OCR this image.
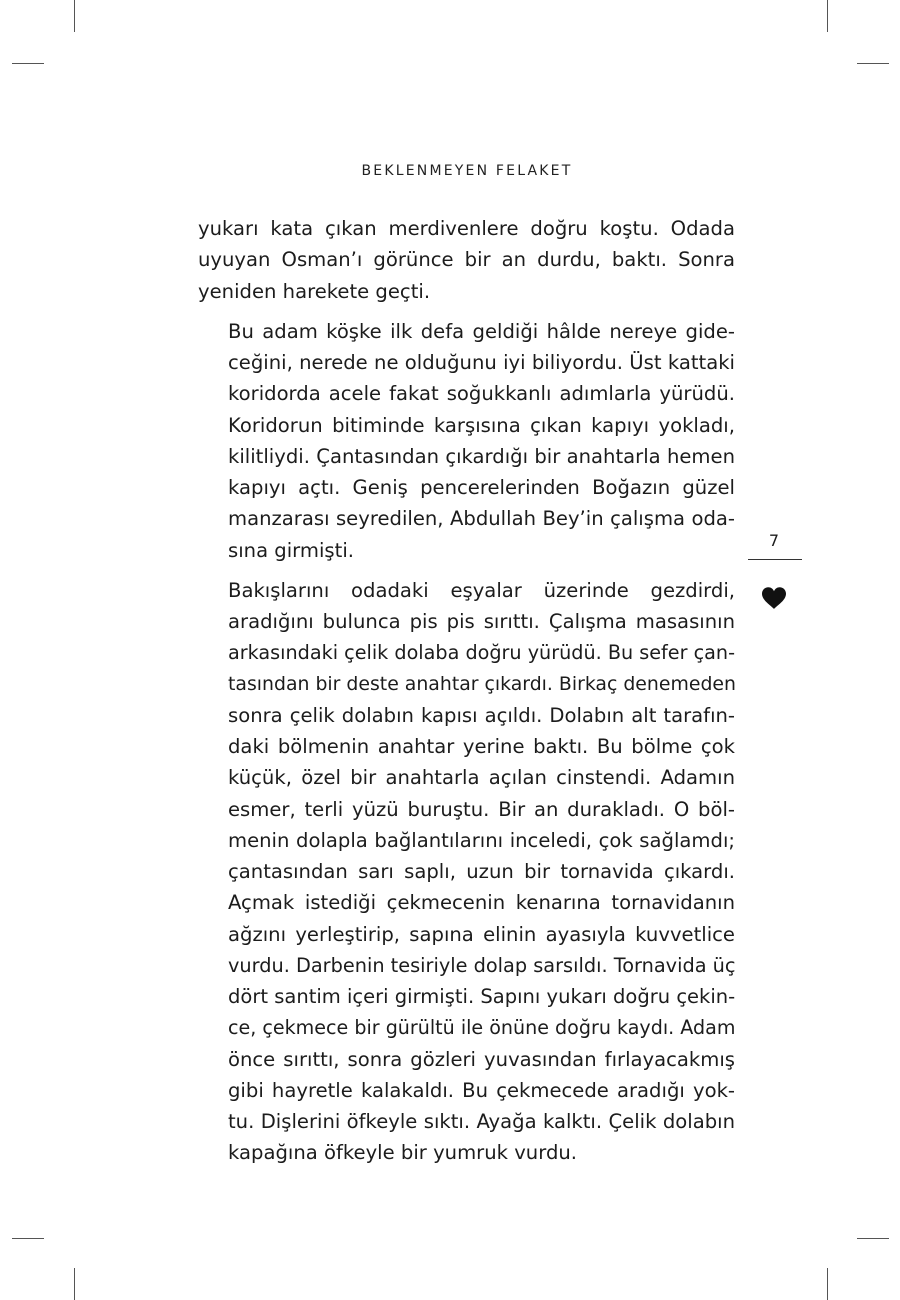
BEKLENMEYEN FELAKET

yukarı kata çıkan merdivenlere doğru koştu. Odada
uyuyan Osman’ı görünce bir an durdu, baktı. Sonra
yeniden harekete geçti.

Bu adam köşke ilk defa geldiği hâlde nereye gide-
ceğini, nerede ne olduğunu iyi biliyordu. Üst kattaki
koridorda acele fakat soğukkanlı adımlarla yürüdü.
Koridorun bitiminde karşısına çıkan kapıyı yokladı,
kilitliydi. Çantasından çıkardığı bir anahtarla hemen
kapıyı açtı. Geniş pencerelerinden Boğazın güzel
manzarası seyredilen, Abdullah Bey’in çalışma oda-
sına girmişti.

Bakışlarını odadaki eşyalar üzerinde gezdirdi,
aradığını bulunca pis pis sırıttı. Çalışma masasının
arkasındaki çelik dolaba doğru yürüdü. Bu sefer çan-
tasından bir deste anahtar çıkardı. Birkaç denemeden
sonra çelik dolabın kapısı açıldı. Dolabın alt tarafın-
daki bölmenin anahtar yerine baktı. Bu bölme çok
küçük, özel bir anahtarla açılan cinstendi. Adamın
esmer, terli yüzü buruştu. Bir an durakladı. O böl-
menin dolapla bağlantılarını inceledi, çok sağlamdı;
çantasından sarı saplı, uzun bir tornavida çıkardı.
Açmak istediği çekmecenin kenarına tornavidanın
ağzını yerleştirip, sapına elinin ayasıyla kuvvetlice
vurdu. Darbenin tesiriyle dolap sarsıldı. Tornavida üç
dört santim içeri girmişti. Sapını yukarı doğru çekin-
ce, çekmece bir gürültü ile önüne doğru kaydı. Adam
önce sırıttı, sonra gözleri yuvasından fırlayacakmış
gibi hayretle kalakaldı. Bu çekmecede aradığı yok-
tu. Dişlerini öfkeyle sıktı. Ayağa kalktı. Çelik dolabın
kapağına öfkeyle bir yumruk vurdu.

7
